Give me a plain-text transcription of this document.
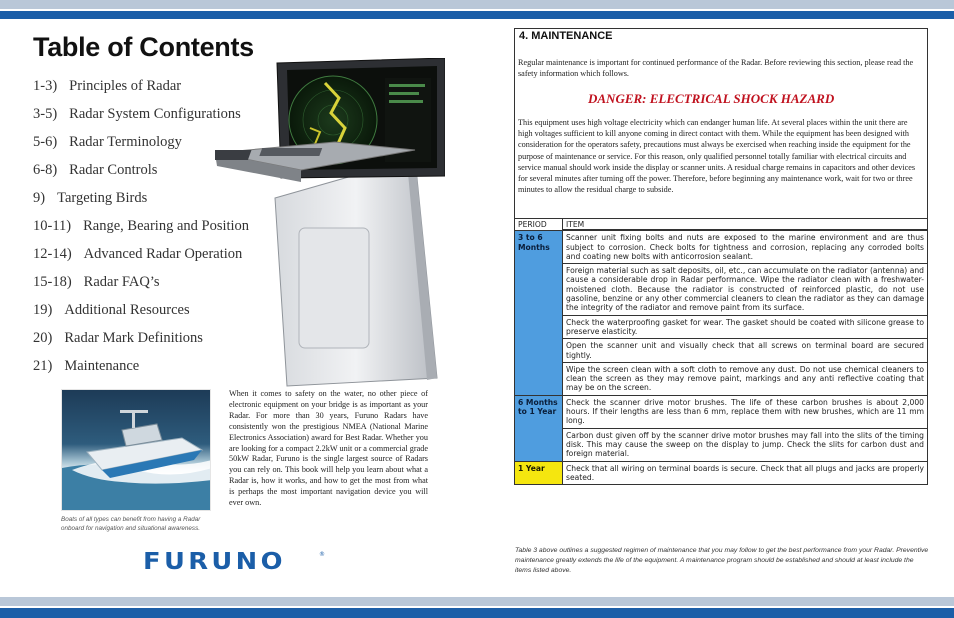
Table of Contents
1-3) Principles of Radar
3-5) Radar System Configurations
5-6) Radar Terminology
6-8) Radar Controls
9) Targeting Birds
10-11) Range, Bearing and Position
12-14) Advanced Radar Operation
15-18) Radar FAQ’s
19) Additional Resources
20) Radar Mark Definitions
21) Maintenance
Boats of all types can benefit from having a Radar onboard for navigation and situational awareness.

When it comes to safety on the water, no other piece of electronic equipment on your bridge is as important as your Radar. For more than 30 years, Furuno Radars have consistently won the prestigious NMEA (National Marine Electronics Association) award for Best Radar. Whether you are looking for a compact 2.2kW unit or a commercial grade 50kW Radar, Furuno is the single largest source of Radars you can rely on. This book will help you learn about what a Radar is, how it works, and how to get the most from what is perhaps the most important navigation device you will ever own.

FURUNO	®
4. MAINTENANCE

Regular maintenance is important for continued performance of the Radar. Before reviewing this section, please read the safety information which follows.

DANGER: ELECTRICAL SHOCK HAZARD

This equipment uses high voltage electricity which can endanger human life. At several places within the unit there are high voltages sufficient to kill anyone coming in direct contact with them. While the equipment has been designed with consideration for the operators safety, precautions must always be exercised when reaching inside the equipment for the purpose of maintenance or service. For this reason, only qualified personnel totally familiar with electrical circuits and service manual should work inside the display or scanner units. A residual charge remains in capacitors and other devices for several minutes after turning off the power. Therefore, before beginning any maintenance work, wait for two or three minutes to allow the residual charge to subside.

PERIOD	ITEM
3 to 6 Months	Scanner unit fixing bolts and nuts are exposed to the marine environment and are thus subject to corrosion. Check bolts for tightness and corrosion, replacing any corroded bolts and coating new bolts with anticorrosion sealant.
	Foreign material such as salt deposits, oil, etc., can accumulate on the radiator (antenna) and cause a considerable drop in Radar performance. Wipe the radiator clean with a freshwater-moistened cloth. Because the radiator is constructed of reinforced plastic, do not use gasoline, benzine or any other commercial cleaners to clean the radiator as they can damage the integrity of the radiator and remove paint from its surface.
	Check the waterproofing gasket for wear. The gasket should be coated with silicone grease to preserve elasticity.
	Open the scanner unit and visually check that all screws on terminal board are secured tightly.
	Wipe the screen clean with a soft cloth to remove any dust. Do not use chemical cleaners to clean the screen as they may remove paint, markings and any anti reflective coating that may be on the screen.
6 Months to 1 Year	Check the scanner drive motor brushes. The life of these carbon brushes is about 2,000 hours. If their lengths are less than 6 mm, replace them with new brushes, which are 11 mm long.
	Carbon dust given off by the scanner drive motor brushes may fall into the slits of the timing disk. This may cause the sweep on the display to jump. Check the slits for carbon dust and foreign material.
1 Year	Check that all wiring on terminal boards is secure. Check that all plugs and jacks are properly seated.

Table 3 above outlines a suggested regimen of maintenance that you may follow to get the best performance from your Radar. Preventive maintenance greatly extends the life of the equipment. A maintenance program should be established and should at least include the items listed above.
